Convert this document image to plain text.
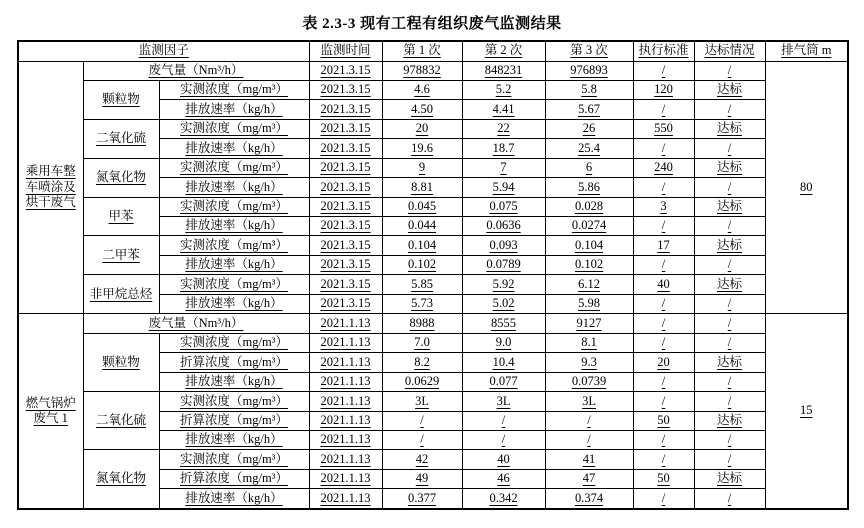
表 2.3-3 现有工程有组织废气监测结果
监测因子			监测时间	第 1 次	第 2 次	第 3 次	执行标准	达标情况	排气筒 m
乘用车整车喷涂及烘干废气	废气量（Nm³/h）		2021.3.15	978832	848231	976893	/	/	80
	颗粒物	实测浓度（mg/m³）	2021.3.15	4.6	5.2	5.8	120	达标	
		排放速率（kg/h）	2021.3.15	4.50	4.41	5.67	/	/	
	二氧化硫	实测浓度（mg/m³）	2021.3.15	20	22	26	550	达标	
		排放速率（kg/h）	2021.3.15	19.6	18.7	25.4	/	/	
	氮氧化物	实测浓度（mg/m³）	2021.3.15	9	7	6	240	达标	
		排放速率（kg/h）	2021.3.15	8.81	5.94	5.86	/	/	
	甲苯	实测浓度（mg/m³）	2021.3.15	0.045	0.075	0.028	3	达标	
		排放速率（kg/h）	2021.3.15	0.044	0.0636	0.0274	/	/	
	二甲苯	实测浓度（mg/m³）	2021.3.15	0.104	0.093	0.104	17	达标	
		排放速率（kg/h）	2021.3.15	0.102	0.0789	0.102	/	/	
	非甲烷总烃	实测浓度（mg/m³）	2021.3.15	5.85	5.92	6.12	40	达标	
		排放速率（kg/h）	2021.3.15	5.73	5.02	5.98	/	/	
燃气锅炉废气 1	废气量（Nm³/h）		2021.1.13	8988	8555	9127	/	/	15
	颗粒物	实测浓度（mg/m³）	2021.1.13	7.0	9.0	8.1	/	/	
		折算浓度（mg/m³）	2021.1.13	8.2	10.4	9.3	20	达标	
		排放速率（kg/h）	2021.1.13	0.0629	0.077	0.0739	/	/	
	二氧化硫	实测浓度（mg/m³）	2021.1.13	3L	3L	3L	/	/	
		折算浓度（mg/m³）	2021.1.13	/	/	/	50	达标	
		排放速率（kg/h）	2021.1.13	/	/	/	/	/	
	氮氧化物	实测浓度（mg/m³）	2021.1.13	42	40	41	/	/	
		折算浓度（mg/m³）	2021.1.13	49	46	47	50	达标	
		排放速率（kg/h）	2021.1.13	0.377	0.342	0.374	/	/	
